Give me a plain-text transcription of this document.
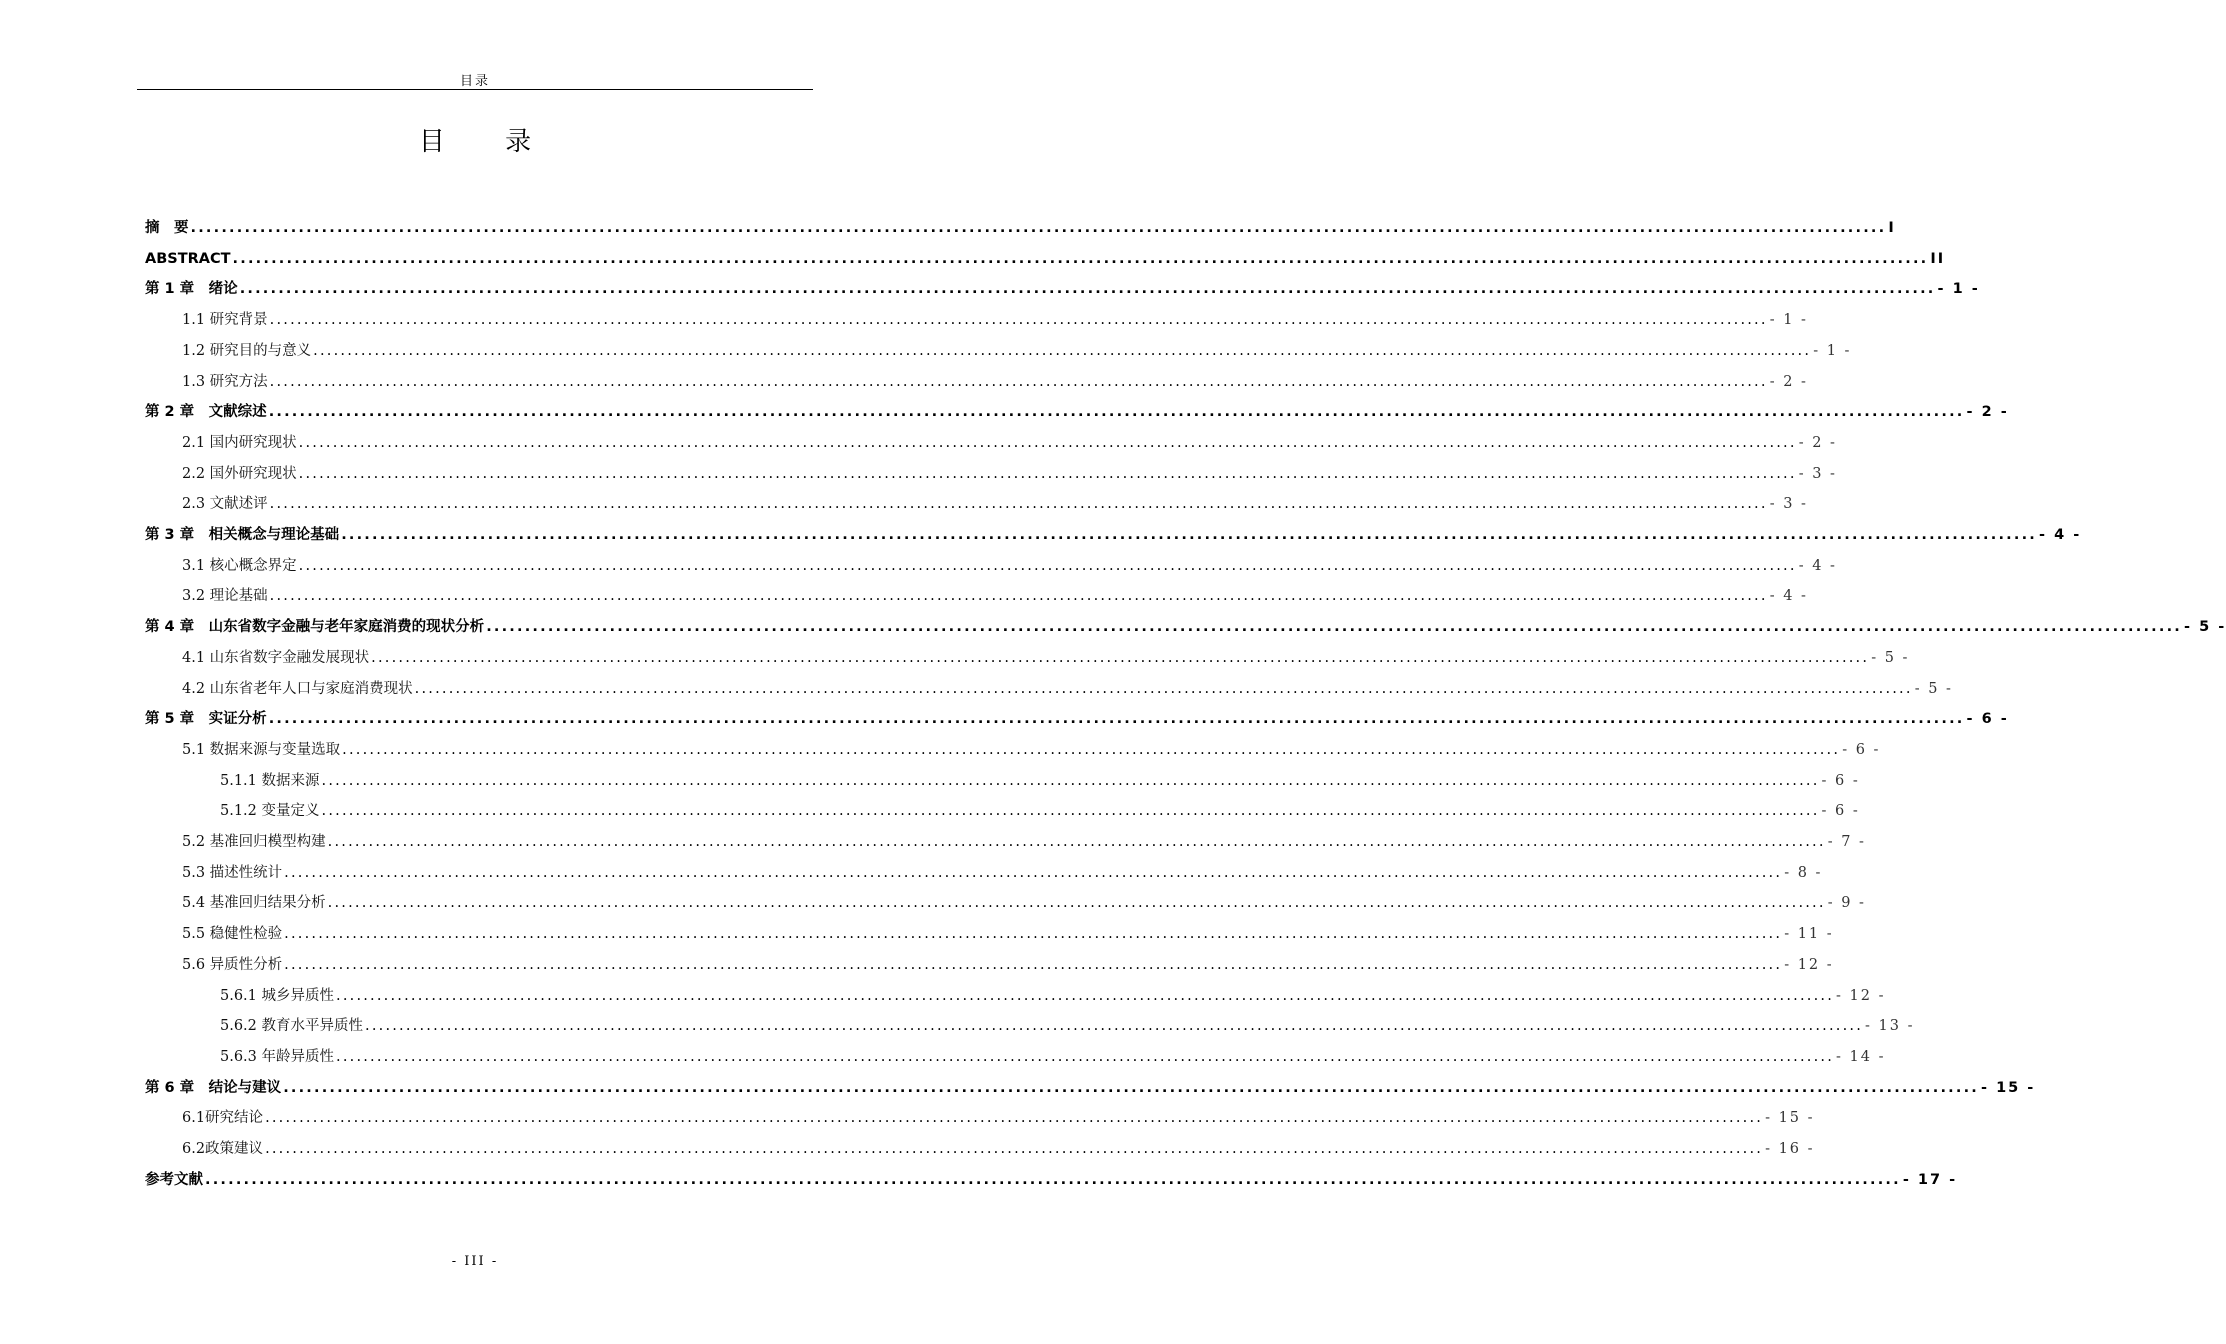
目录
目 录
摘　要 ............................................................................................................................................................................................................................ I
ABSTRACT ............................................................................................................................................................................................................................ II
第 1 章　绪论 ............................................................................................................................................................................................................................ - 1 -
1.1 研究背景 ............................................................................................................................................................................................................................ - 1 -
1.2 研究目的与意义 ............................................................................................................................................................................................................................ - 1 -
1.3 研究方法 ............................................................................................................................................................................................................................ - 2 -
第 2 章　文献综述 ............................................................................................................................................................................................................................ - 2 -
2.1 国内研究现状 ............................................................................................................................................................................................................................ - 2 -
2.2 国外研究现状 ............................................................................................................................................................................................................................ - 3 -
2.3 文献述评 ............................................................................................................................................................................................................................ - 3 -
第 3 章　相关概念与理论基础 ............................................................................................................................................................................................................................ - 4 -
3.1 核心概念界定 ............................................................................................................................................................................................................................ - 4 -
3.2 理论基础 ............................................................................................................................................................................................................................ - 4 -
第 4 章　山东省数字金融与老年家庭消费的现状分析 ............................................................................................................................................................................................................................ - 5 -
4.1 山东省数字金融发展现状 ............................................................................................................................................................................................................................ - 5 -
4.2 山东省老年人口与家庭消费现状 ............................................................................................................................................................................................................................ - 5 -
第 5 章　实证分析 ............................................................................................................................................................................................................................ - 6 -
5.1 数据来源与变量选取 ............................................................................................................................................................................................................................ - 6 -
5.1.1 数据来源 ............................................................................................................................................................................................................................ - 6 -
5.1.2 变量定义 ............................................................................................................................................................................................................................ - 6 -
5.2 基准回归模型构建 ............................................................................................................................................................................................................................ - 7 -
5.3 描述性统计 ............................................................................................................................................................................................................................ - 8 -
5.4 基准回归结果分析 ............................................................................................................................................................................................................................ - 9 -
5.5 稳健性检验 ............................................................................................................................................................................................................................ - 11 -
5.6 异质性分析 ............................................................................................................................................................................................................................ - 12 -
5.6.1 城乡异质性 ............................................................................................................................................................................................................................ - 12 -
5.6.2 教育水平异质性 ............................................................................................................................................................................................................................ - 13 -
5.6.3 年龄异质性 ............................................................................................................................................................................................................................ - 14 -
第 6 章　结论与建议 ............................................................................................................................................................................................................................ - 15 -
6.1研究结论 ............................................................................................................................................................................................................................ - 15 -
6.2政策建议 ............................................................................................................................................................................................................................ - 16 -
参考文献 ............................................................................................................................................................................................................................ - 17 -
- III -
